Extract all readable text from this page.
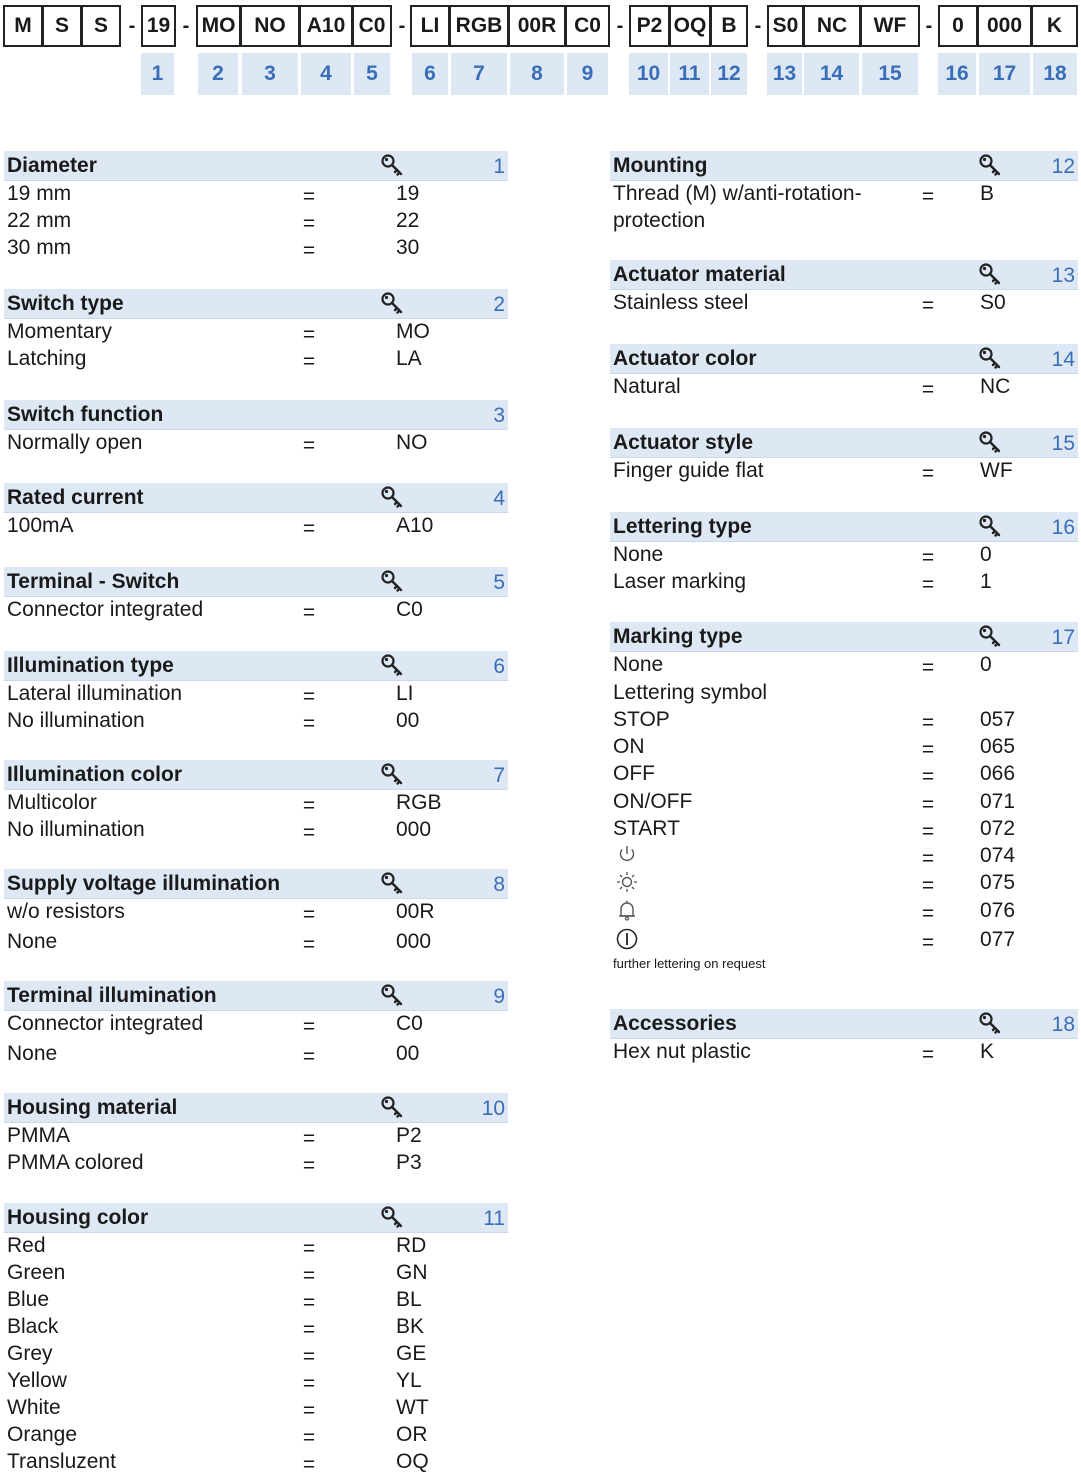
M	S	S	- 19 - MO NO A10 C0 - LI RGB 00R C0 - P2 OQ B - S0 NC	WF - 0	000	K
1	2	3	4	5	6	7	8	9	10 11 12	13	14	15	16	17	18
Diameter	1
19 mm	=	19
22 mm	=	22
30 mm	=	30
Switch type	2
Momentary	=	MO
Latching	=	LA
Switch function	3
Normally open	=	NO
Rated current	4
100mA	=	A10
Terminal - Switch	5
Connector integrated	=	C0
Illumination type	6
Lateral illumination	=	LI
No illumination	=	00
Illumination color	7
Multicolor	=	RGB
No illumination	=	000
Supply voltage illumination	8
w/o resistors	=	00R
None	=	000
Terminal illumination	9
Connector integrated	=	C0
None	=	00
Housing material	10
PMMA	=	P2
PMMA colored	=	P3
Housing color	11
Red	=	RD
Green	=	GN
Blue	=	BL
Black	=	BK
Grey	=	GE
Yellow	=	YL
White	=	WT
Orange	=	OR
Transluzent	=	OQ
Mounting	12
Thread (M) w/anti-rotation-	= B
protection
Actuator material	13
Stainless steel	= S0
Actuator color	14
Natural	= NC
Actuator style	15
Finger guide flat	= WF
Lettering type	16
None	= 0
Laser marking	= 1
Marking type	17
None	= 0
Lettering symbol
STOP	= 057
ON	= 065
OFF	= 066
ON/OFF	= 071
START	= 072
= 074
= 075
= 076
= 077
further lettering on request
Accessories	18
Hex nut plastic	= K
